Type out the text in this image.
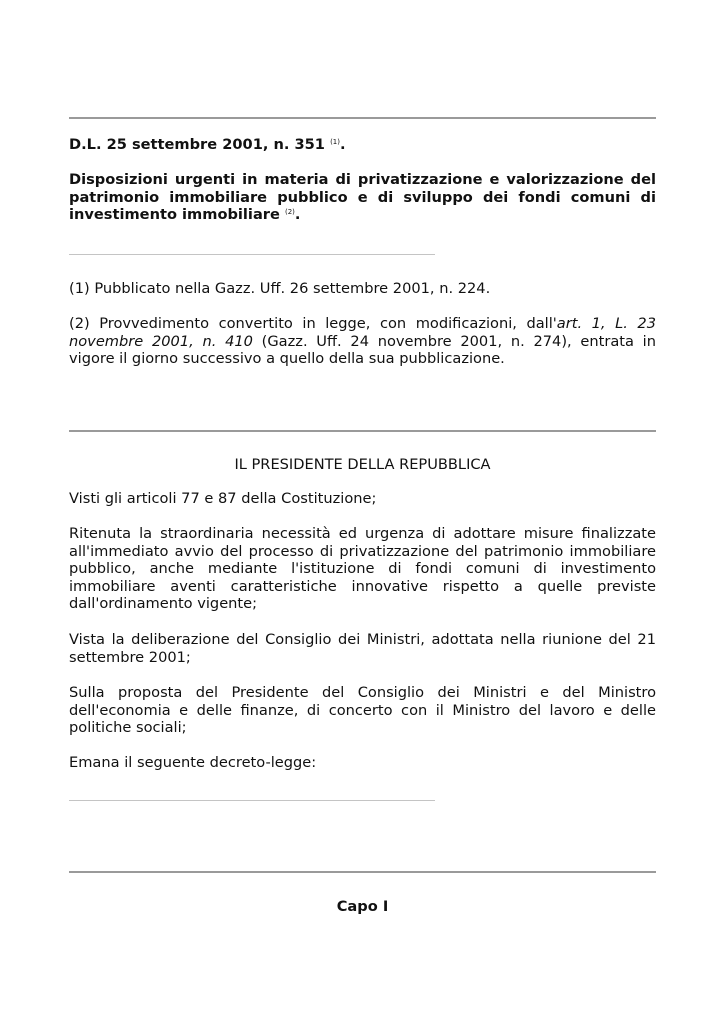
D.L. 25 settembre 2001, n. 351 $^{(1)}$.

Disposizioni urgenti in materia di privatizzazione e valorizzazione del patrimonio immobiliare pubblico e di sviluppo dei fondi comuni di investimento immobiliare $^{(2)}$.

(1) Pubblicato nella Gazz. Uff. 26 settembre 2001, n. 224.

(2) Provvedimento convertito in legge, con modificazioni, dall'art. 1, L. 23 novembre 2001, n. 410 (Gazz. Uff. 24 novembre 2001, n. 274), entrata in vigore il giorno successivo a quello della sua pubblicazione.

IL PRESIDENTE DELLA REPUBBLICA

Visti gli articoli 77 e 87 della Costituzione;

Ritenuta la straordinaria necessità ed urgenza di adottare misure finalizzate all'immediato avvio del processo di privatizzazione del patrimonio immobiliare pubblico, anche mediante l'istituzione di fondi comuni di investimento immobiliare aventi caratteristiche innovative rispetto a quelle previste dall'ordinamento vigente;

Vista la deliberazione del Consiglio dei Ministri, adottata nella riunione del 21 settembre 2001;

Sulla proposta del Presidente del Consiglio dei Ministri e del Ministro dell'economia e delle finanze, di concerto con il Ministro del lavoro e delle politiche sociali;

Emana il seguente decreto-legge:

Capo I
